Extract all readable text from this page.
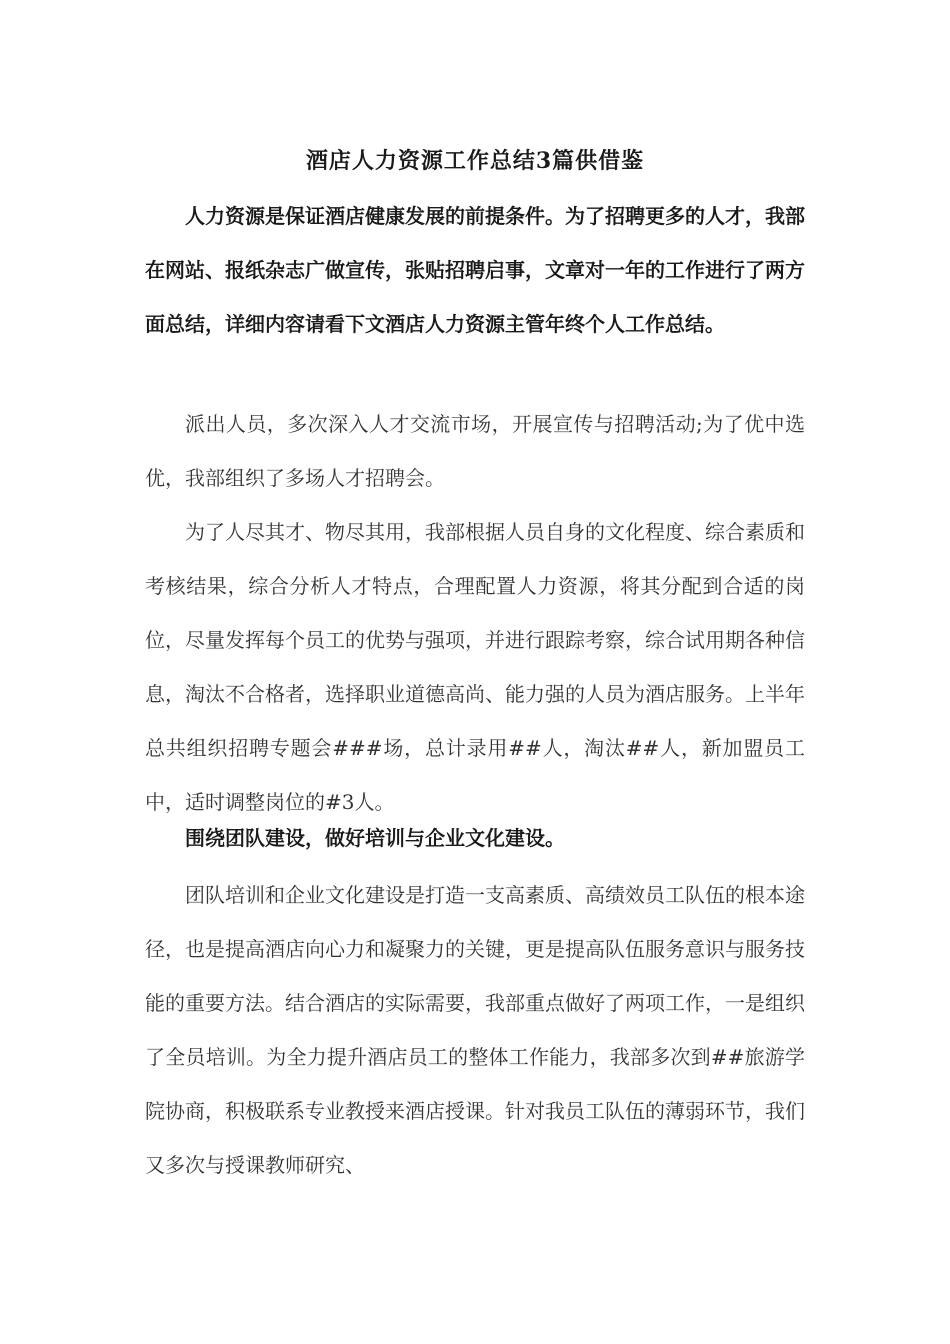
酒店人力资源工作总结3篇供借鉴

人力资源是保证酒店健康发展的前提条件。为了招聘更多的人才，我部在网站、报纸杂志广做宣传，张贴招聘启事，文章对一年的工作进行了两方面总结，详细内容请看下文酒店人力资源主管年终个人工作总结。

派出人员，多次深入人才交流市场，开展宣传与招聘活动;为了优中选优，我部组织了多场人才招聘会。

为了人尽其才、物尽其用，我部根据人员自身的文化程度、综合素质和考核结果，综合分析人才特点，合理配置人力资源，将其分配到合适的岗位，尽量发挥每个员工的优势与强项，并进行跟踪考察，综合试用期各种信息，淘汰不合格者，选择职业道德高尚、能力强的人员为酒店服务。上半年总共组织招聘专题会###场，总计录用##人，淘汰##人，新加盟员工中，适时调整岗位的#3人。

围绕团队建设，做好培训与企业文化建设。

团队培训和企业文化建设是打造一支高素质、高绩效员工队伍的根本途径，也是提高酒店向心力和凝聚力的关键，更是提高队伍服务意识与服务技能的重要方法。结合酒店的实际需要，我部重点做好了两项工作，一是组织了全员培训。为全力提升酒店员工的整体工作能力，我部多次到##旅游学院协商，积极联系专业教授来酒店授课。针对我员工队伍的薄弱环节，我们又多次与授课教师研究、
